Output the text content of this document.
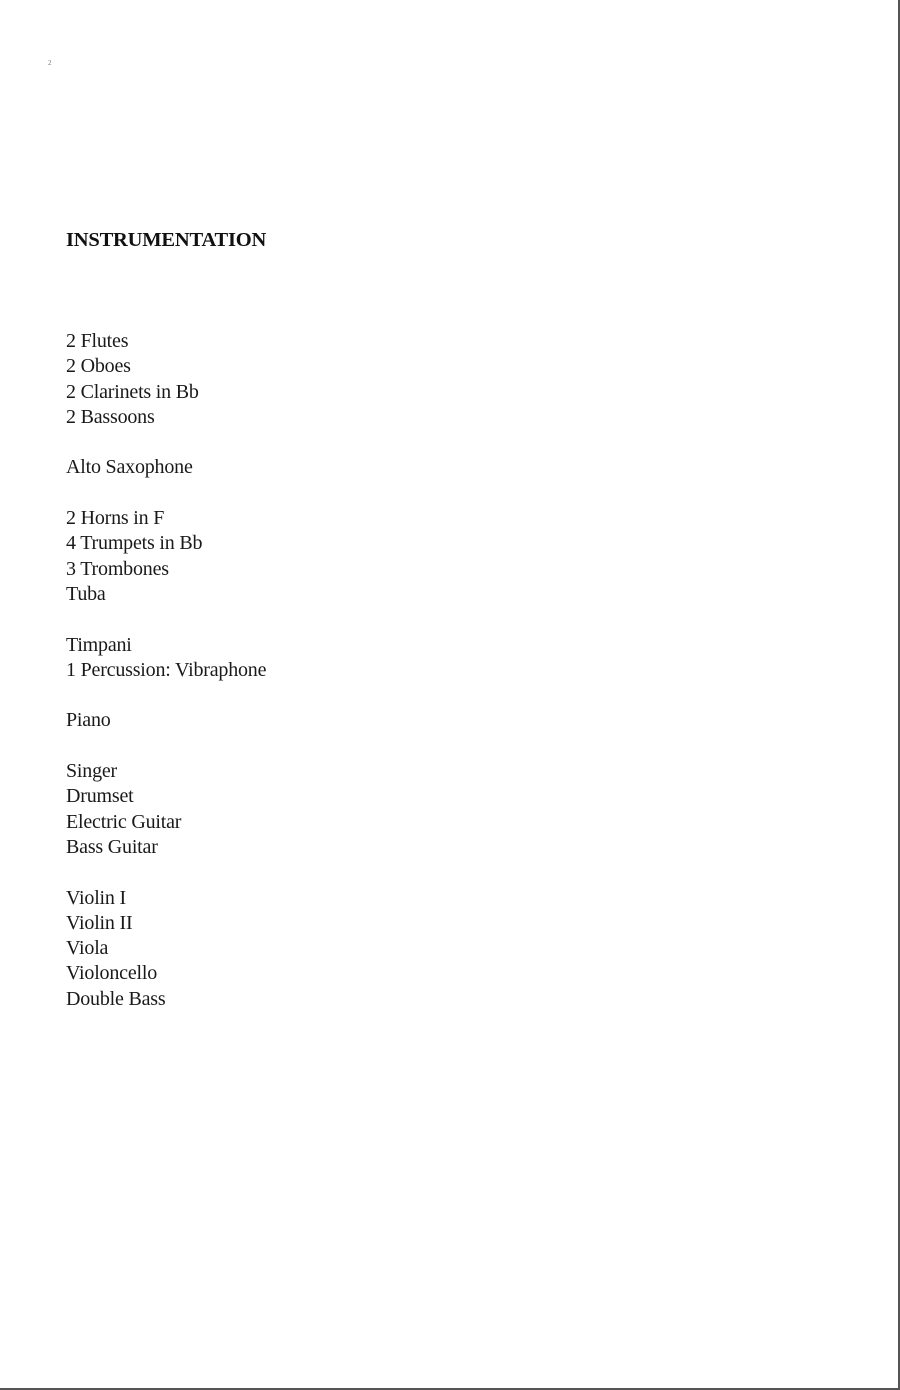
2
INSTRUMENTATION
2 Flutes
2 Oboes
2 Clarinets in Bb
2 Bassoons
Alto Saxophone
2 Horns in F
4 Trumpets in Bb
3 Trombones
Tuba
Timpani
1 Percussion: Vibraphone
Piano
Singer
Drumset
Electric Guitar
Bass Guitar
Violin I
Violin II
Viola
Violoncello
Double Bass
